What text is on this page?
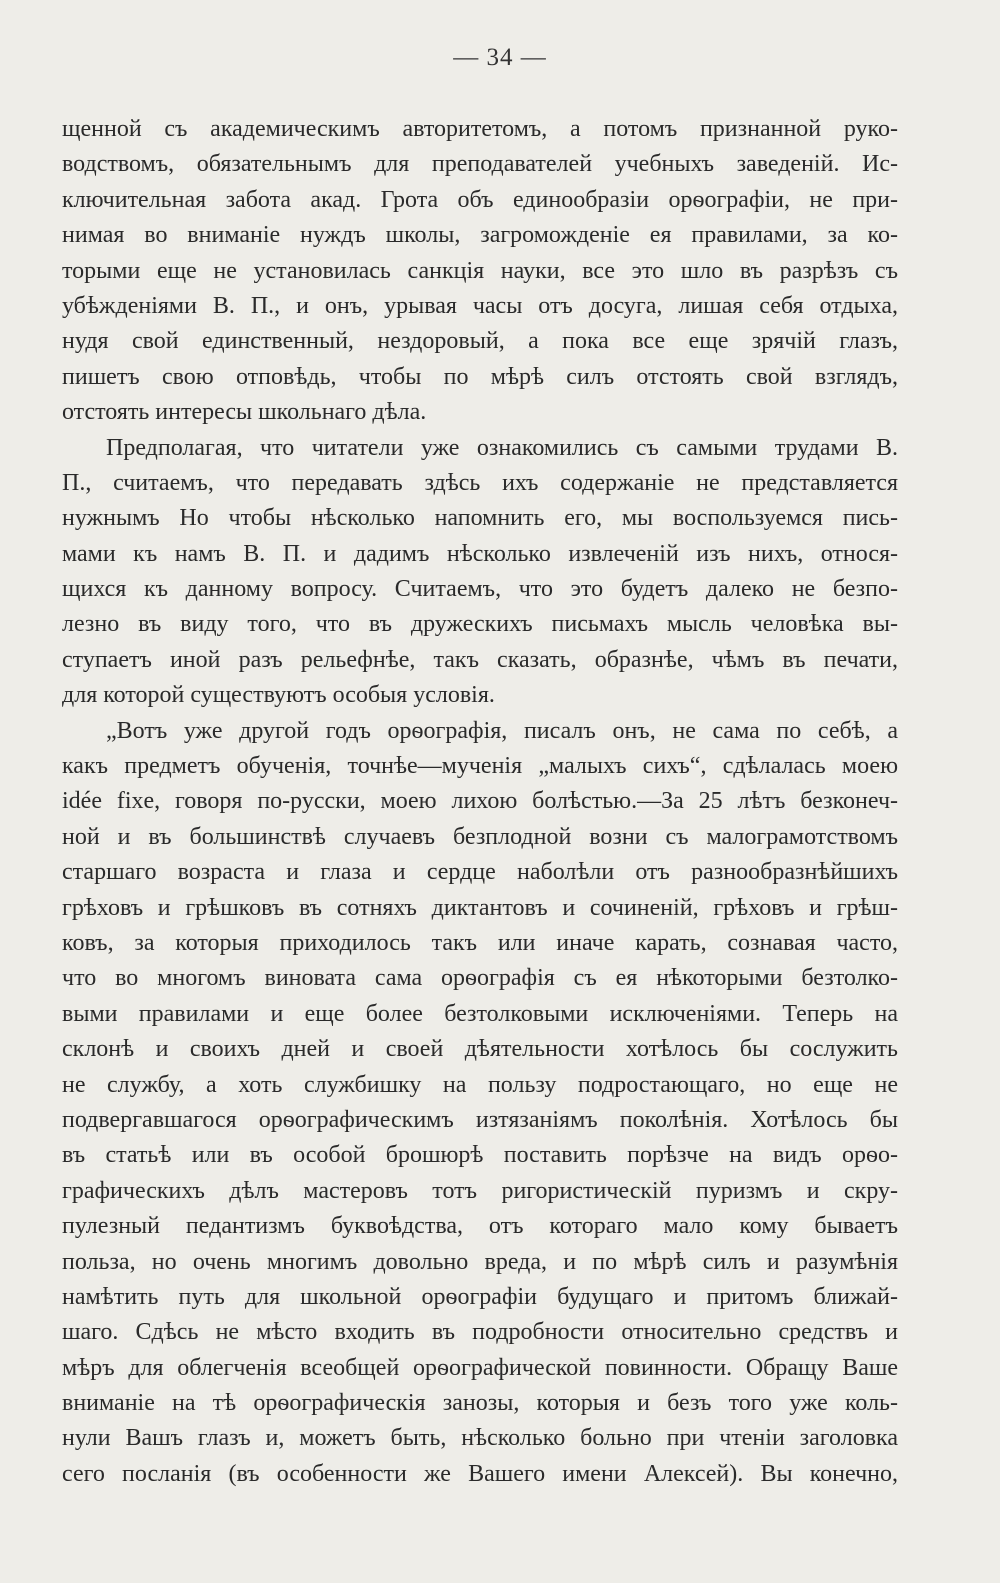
— 34 —
щенной съ академическимъ авторитетомъ, а потомъ признанной руко-
водствомъ, обязательнымъ для преподавателей учебныхъ заведеній. Ис-
ключительная забота акад. Грота объ единообразіи орѳографіи, не при-
нимая во вниманіе нуждъ школы, загроможденіе ея правилами, за ко-
торыми еще не установилась санкція науки, все это шло въ разрѣзъ съ
убѣжденіями В. П., и онъ, урывая часы отъ досуга, лишая себя отдыха,
нудя свой единственный, нездоровый, а пока все еще зрячій глазъ,
пишетъ свою отповѣдь, чтобы по мѣрѣ силъ отстоять свой взглядъ,
отстоять интересы школьнаго дѣла.
Предполагая, что читатели уже ознакомились съ самыми трудами В.
П., считаемъ, что передавать здѣсь ихъ содержаніе не представляется
нужнымъ Но чтобы нѣсколько напомнить его, мы воспользуемся пись-
мами къ намъ В. П. и дадимъ нѣсколько извлеченій изъ нихъ, относя-
щихся къ данному вопросу. Считаемъ, что это будетъ далеко не безпо-
лезно въ виду того, что въ дружескихъ письмахъ мысль человѣка вы-
ступаетъ иной разъ рельефнѣе, такъ сказать, образнѣе, чѣмъ въ печати,
для которой существуютъ особыя условія.
„Вотъ уже другой годъ орѳографія, писалъ онъ, не сама по себѣ, а
какъ предметъ обученія, точнѣе—мученія „малыхъ сихъ“, сдѣлалась моею
idée fixe, говоря по-русски, моею лихою болѣстью.—За 25 лѣтъ безконеч-
ной и въ большинствѣ случаевъ безплодной возни съ малограмотствомъ
старшаго возраста и глаза и сердце наболѣли отъ разнообразнѣйшихъ
грѣховъ и грѣшковъ въ сотняхъ диктантовъ и сочиненій, грѣховъ и грѣш-
ковъ, за которыя приходилось такъ или иначе карать, сознавая часто,
что во многомъ виновата сама орѳографія съ ея нѣкоторыми безтолко-
выми правилами и еще более безтолковыми исключеніями. Теперь на
склонѣ и своихъ дней и своей дѣятельности хотѣлось бы сослужить
не службу, а хоть службишку на пользу подростающаго, но еще не
подвергавшагося орѳографическимъ изтязаніямъ поколѣнія. Хотѣлось бы
въ статьѣ или въ особой брошюрѣ поставить порѣзче на видъ орѳо-
графическихъ дѣлъ мастеровъ тотъ ригористическій пуризмъ и скру-
пулезный педантизмъ буквоѣдства, отъ котораго мало кому бываетъ
польза, но очень многимъ довольно вреда, и по мѣрѣ силъ и разумѣнія
намѣтить путь для школьной орѳографіи будущаго и притомъ ближай-
шаго. Сдѣсь не мѣсто входить въ подробности относительно средствъ и
мѣръ для облегченія всеобщей орѳографической повинности. Обращу Ваше
вниманіе на тѣ орѳографическія занозы, которыя и безъ того уже коль-
нули Вашъ глазъ и, можетъ быть, нѣсколько больно при чтеніи заголовка
сего посланія (въ особенности же Вашего имени Алексей). Вы конечно,
